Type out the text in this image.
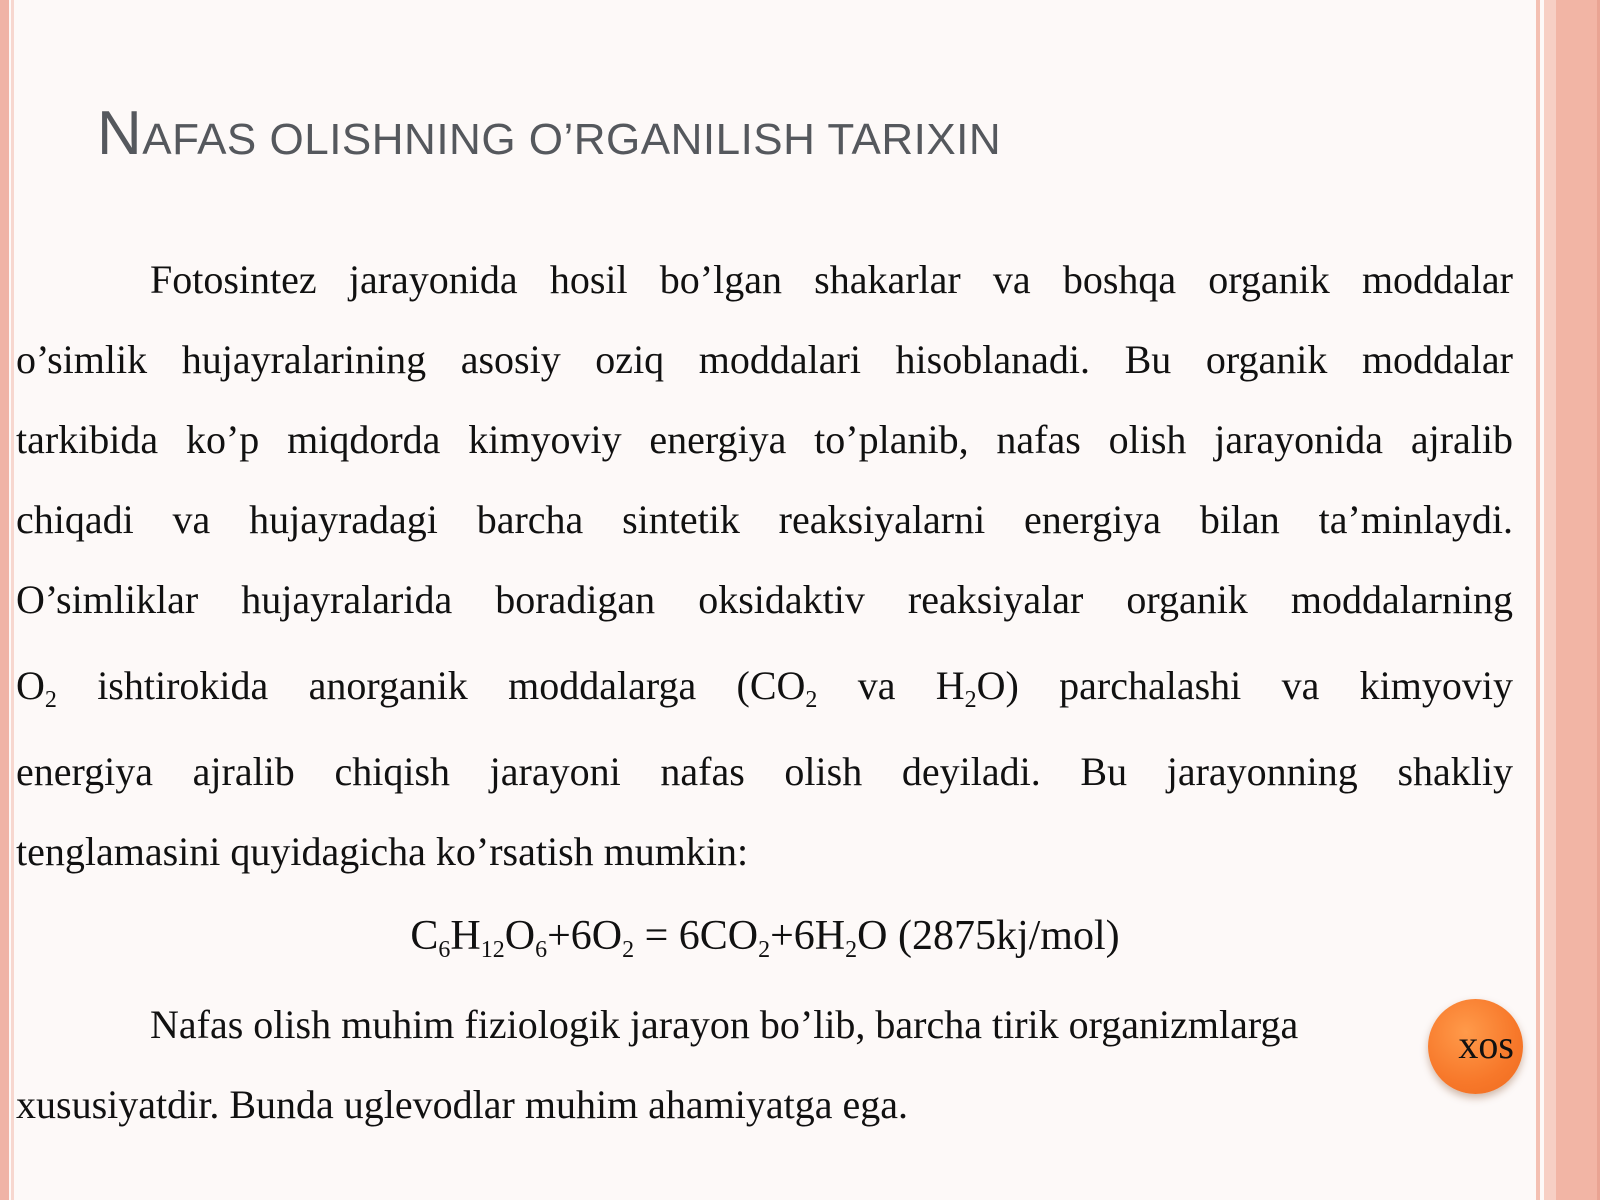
NAFAS OLISHNING O’RGANILISH TARIXIN
Fotosintez jarayonida hosil bo’lgan shakarlar va boshqa organik moddalar
o’simlik hujayralarining asosiy oziq moddalari hisoblanadi. Bu organik moddalar
tarkibida ko’p miqdorda kimyoviy energiya to’planib, nafas olish jarayonida ajralib
chiqadi va hujayradagi barcha sintetik reaksiyalarni energiya bilan ta’minlaydi.
O’simliklar hujayralarida boradigan oksidaktiv reaksiyalar organik moddalarning
$O_2$ ishtirokida anorganik moddalarga ($CO_2$ va $H_2O$) parchalashi va kimyoviy
energiya ajralib chiqish jarayoni nafas olish deyiladi. Bu jarayonning shakliy
tenglamasini quyidagicha ko’rsatish mumkin:
$C_6H_{12}O_6+6O_2 = 6CO_2+6H_2O$ (2875kj/mol)
Nafas olish muhim fiziologik jarayon bo’lib, barcha tirik organizmlarga
xususiyatdir. Bunda uglevodlar muhim ahamiyatga ega.
xos
